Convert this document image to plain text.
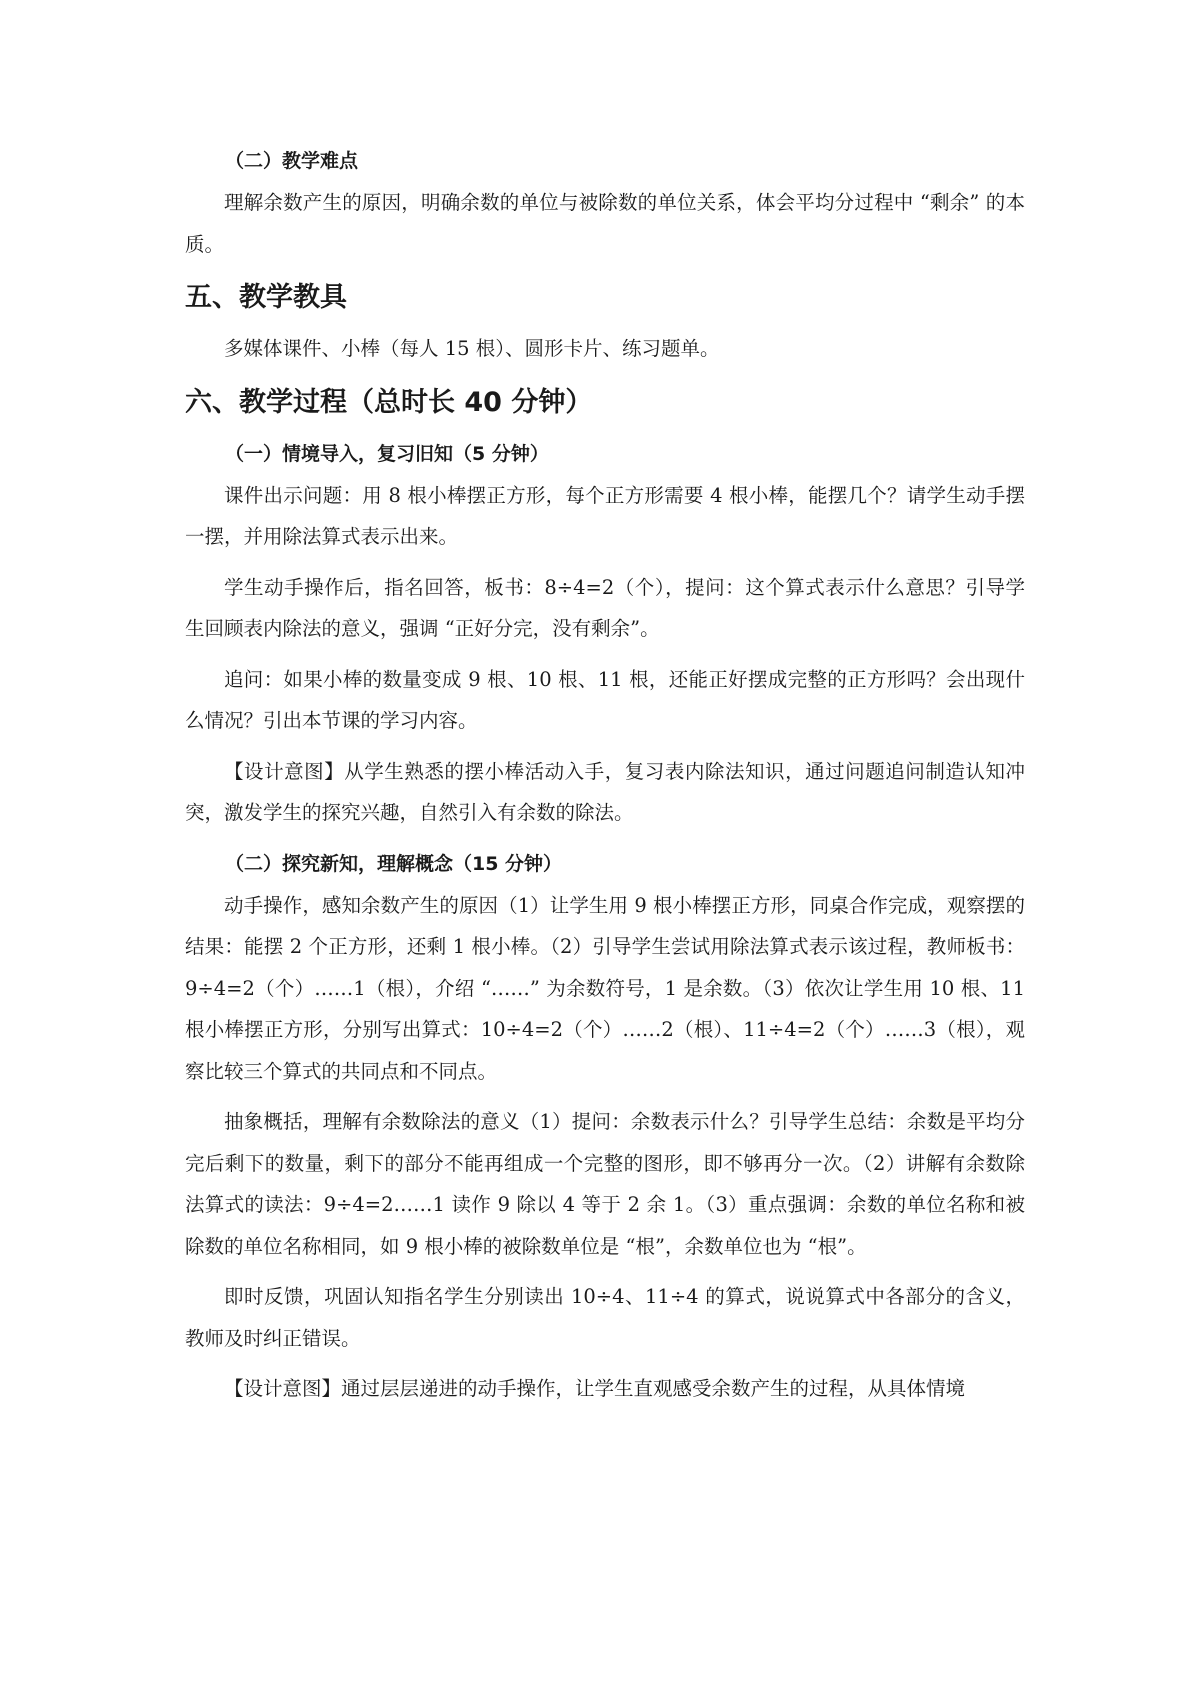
（二）教学难点

理解余数产生的原因，明确余数的单位与被除数的单位关系，体会平均分过程中 “剩余” 的本质。

五、教学教具

多媒体课件、小棒（每人 15 根）、圆形卡片、练习题单。

六、教学过程（总时长 40 分钟）
（一）情境导入，复习旧知（5 分钟）

课件出示问题：用 8 根小棒摆正方形，每个正方形需要 4 根小棒，能摆几个？请学生动手摆一摆，并用除法算式表示出来。

学生动手操作后，指名回答，板书：8÷4=2（个），提问：这个算式表示什么意思？引导学生回顾表内除法的意义，强调 “正好分完，没有剩余”。

追问：如果小棒的数量变成 9 根、10 根、11 根，还能正好摆成完整的正方形吗？会出现什么情况？引出本节课的学习内容。

【设计意图】从学生熟悉的摆小棒活动入手，复习表内除法知识，通过问题追问制造认知冲突，激发学生的探究兴趣，自然引入有余数的除法。

（二）探究新知，理解概念（15 分钟）

动手操作，感知余数产生的原因（1）让学生用 9 根小棒摆正方形，同桌合作完成，观察摆的结果：能摆 2 个正方形，还剩 1 根小棒。（2）引导学生尝试用除法算式表示该过程，教师板书：9÷4=2（个）……1（根），介绍 “……” 为余数符号，1 是余数。（3）依次让学生用 10 根、11 根小棒摆正方形，分别写出算式：10÷4=2（个）……2（根）、11÷4=2（个）……3（根），观察比较三个算式的共同点和不同点。

抽象概括，理解有余数除法的意义（1）提问：余数表示什么？引导学生总结：余数是平均分完后剩下的数量，剩下的部分不能再组成一个完整的图形，即不够再分一次。（2）讲解有余数除法算式的读法：9÷4=2……1 读作 9 除以 4 等于 2 余 1。（3）重点强调：余数的单位名称和被除数的单位名称相同，如 9 根小棒的被除数单位是 “根”，余数单位也为 “根”。

即时反馈，巩固认知指名学生分别读出 10÷4、11÷4 的算式，说说算式中各部分的含义，教师及时纠正错误。

【设计意图】通过层层递进的动手操作，让学生直观感受余数产生的过程，从具体情境
